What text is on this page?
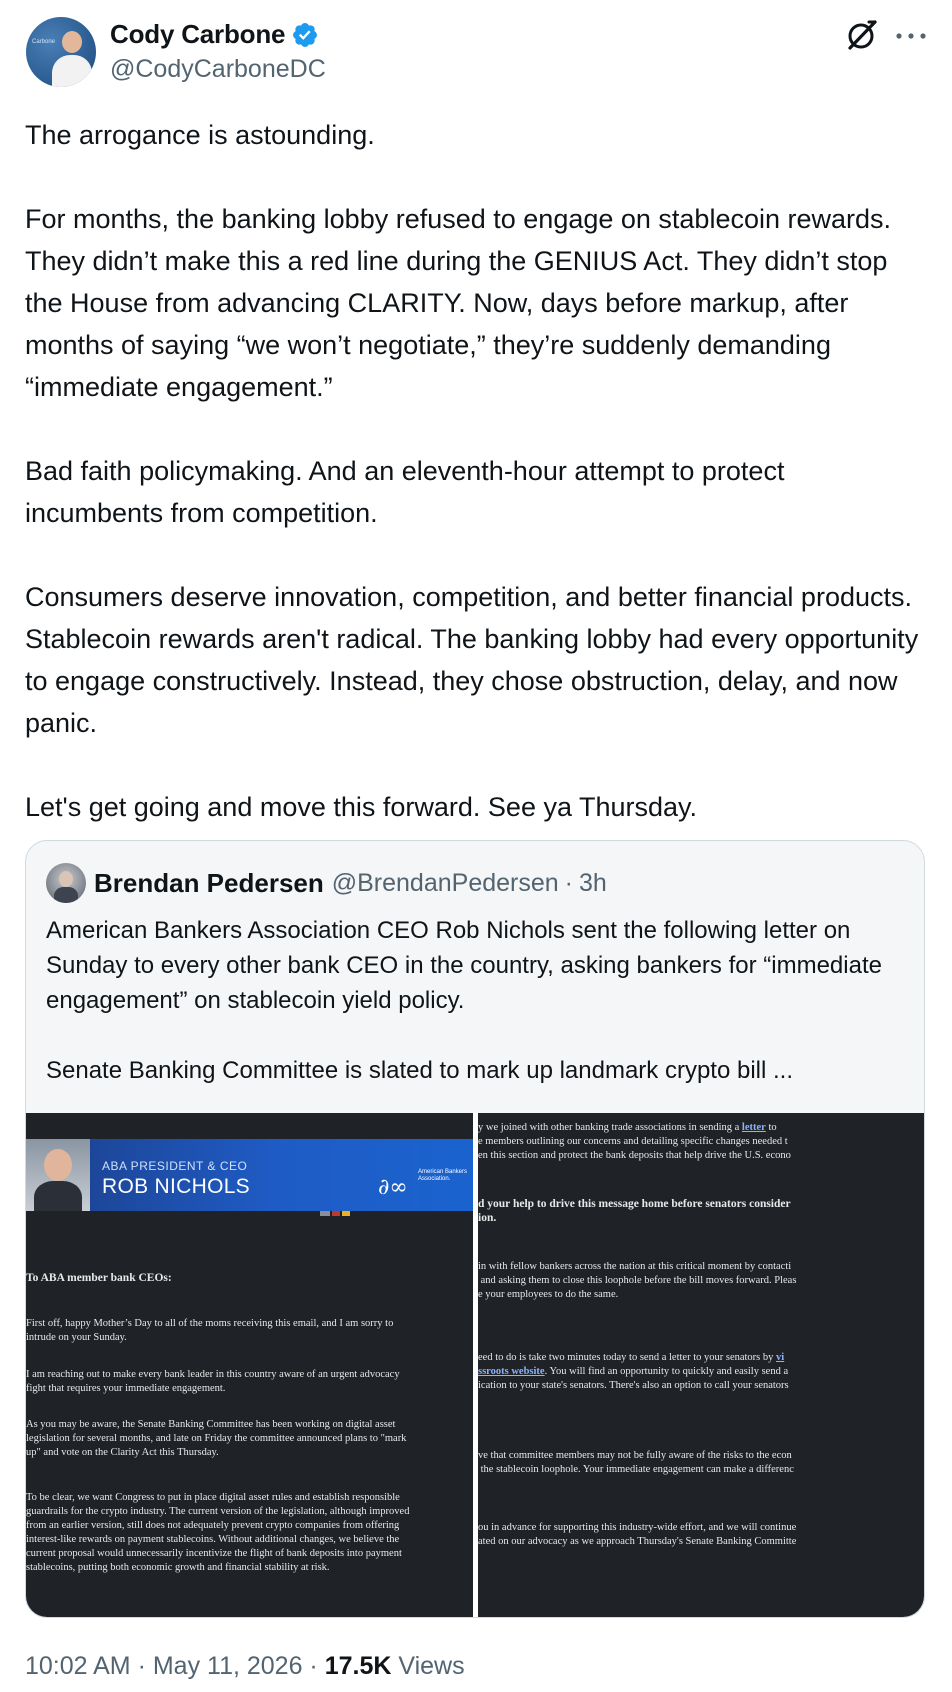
Carbone Cody Carbone
@CodyCarboneDC
The arrogance is astounding.

For months, the banking lobby refused to engage on stablecoin rewards. They didn’t make this a red line during the GENIUS Act. They didn’t stop the House from advancing CLARITY. Now, days before markup, after months of saying “we won’t negotiate,” they’re suddenly demanding “immediate engagement.”

Bad faith policymaking. And an eleventh-hour attempt to protect incumbents from competition.

Consumers deserve innovation, competition, and better financial products. Stablecoin rewards aren't radical. The banking lobby had every opportunity to engage constructively. Instead, they chose obstruction, delay, and now panic.

Let's get going and move this forward. See ya Thursday.
Brendan Pedersen @BrendanPedersen · 3h
American Bankers Association CEO Rob Nichols sent the following letter on Sunday to every other bank CEO in the country, asking bankers for “immediate engagement” on stablecoin yield policy.

Senate Banking Committee is slated to mark up landmark crypto bill ...
ABA PRESIDENT & CEO
ROB NICHOLS	∂∞
American Bankers Association.
To ABA member bank CEOs:
First off, happy Mother’s Day to all of the moms receiving this email, and I am sorry to
intrude on your Sunday.
I am reaching out to make every bank leader in this country aware of an urgent advocacy
fight that requires your immediate engagement.
As you may be aware, the Senate Banking Committee has been working on digital asset
legislation for several months, and late on Friday the committee announced plans to "mark
up" and vote on the Clarity Act this Thursday.
To be clear, we want Congress to put in place digital asset rules and establish responsible
guardrails for the crypto industry. The current version of the legislation, although improved
from an earlier version, still does not adequately prevent crypto companies from offering
interest-like rewards on payment stablecoins. Without additional changes, we believe the
current proposal would unnecessarily incentivize the flight of bank deposits into payment
stablecoins, putting both economic growth and financial stability at risk.
y we joined with other banking trade associations in sending a letter to
e members outlining our concerns and detailing specific changes needed t
en this section and protect the bank deposits that help drive the U.S. econo
d your help to drive this message home before senators consider
ion.
in with fellow bankers across the nation at this critical moment by contacti
and asking them to close this loophole before the bill moves forward. Pleas
e your employees to do the same.
eed to do is take two minutes today to send a letter to your senators by vi
ssroots website. You will find an opportunity to quickly and easily send a
ication to your state's senators. There's also an option to call your senators
ve that committee members may not be fully aware of the risks to the econ
the stablecoin loophole. Your immediate engagement can make a differenc
ou in advance for supporting this industry-wide effort, and we will continue
ated on our advocacy as we approach Thursday's Senate Banking Committe
10:02 AM · May 11, 2026 · 17.5K Views
